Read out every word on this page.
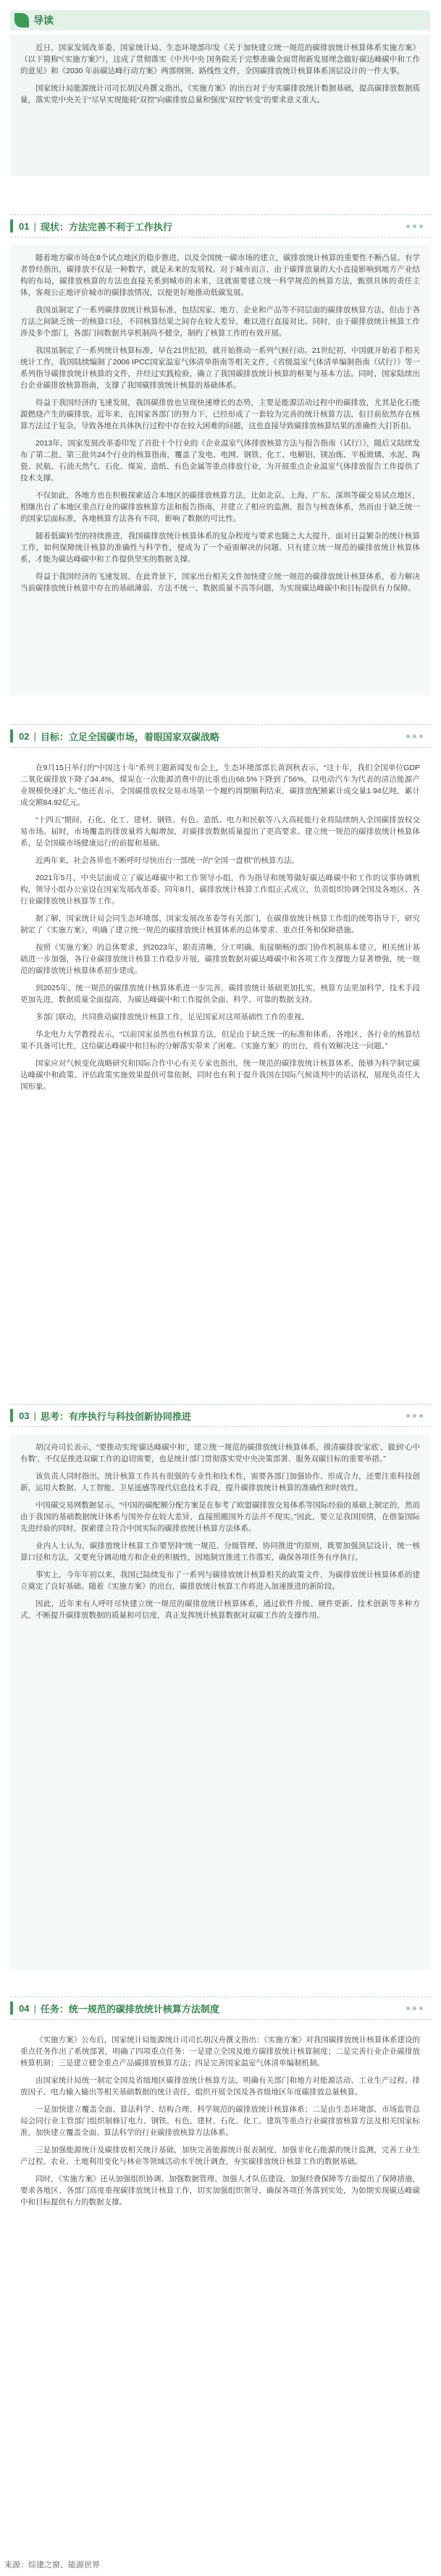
导读

近日，国家发展改革委、国家统计局、生态环境部印发《关于加快建立统一规范的碳排放统计核算体系实施方案》（以下简称“《实施方案》”），这成了贯彻落实《中共中央 国务院关于完整准确全面贯彻新发展理念做好碳达峰碳中和工作的意见》和《2030 年前碳达峰行动方案》两部纲领、路线性文件，全国碳排放统计核算体系顶层设计的一件大事。

国家统计局能源统计司司长胡汉舟撰文指出，《实施方案》的出台对于夯实碳排放统计数据基础，提高碳排放数据质量，落实党中央关于“尽早实现能耗“双控”向碳排放总量和强度“双控”转变”的要求意义重大。

01 | 现状：方法完善不利于工作执行

随着地方碳市场在8个试点地区的稳步推进，以及全国统一碳市场的建立，碳排放统计核算的重要性不断凸显。有学者曾经指出，碳排放不仅是一种数字，就是未来的发展权。对于城市而言，由于碳排放量的大小直接影响到地方产业结构的布局，碳排放核算的方法也直接关系到城市的未来，这就需要建立统一科学规范的核算方法，甄别具体的责任主体，客观公正地评价城市的碳排放情况，以便更好地推动低碳发展。

我国虽制定了一系列碳排放统计核算标准，包括国家、地方、企业和产品等不同层面的碳排放核算方法，但由于各方法之间缺乏统一的核算口径，不同核算结果之间存在较大差异，难以进行直接对比。同时，由于碳排放统计核算工作涉及多个部门，各部门间数据共享机制尚不健全，制约了核算工作的有效开展。

我国虽制定了一系列统计核算标准，早在21世纪初，就开始推动一系列气候行动。21世纪初，中国就开始着手相关统计工作，我国陆续编制了2006 IPCC国家温室气体清单指南等相关文件，《省级温室气体清单编制指南（试行）》等一系列指导碳排放统计核算的文件，并经过实践检验，确立了我国碳排放统计核算的框架与基本方法。同时，国家陆续出台企业碳排放核算指南，支撑了我国碳排放统计核算的基础体系。

得益于我国经济的飞速发展，我国碳排放也呈现快速增长的态势，主要是能源活动过程中的碳排放，尤其是化石能源燃烧产生的碳排放。近年来，在国家各部门的努力下，已经形成了一套较为完善的统计核算方法，但目前依然存在核算方法过于复杂，导致各地在具体执行过程中存在较大困难的问题，这也直接导致碳排放核算结果的准确性大打折扣。

2013年，国家发展改革委印发了首批十个行业的《企业温室气体排放核算方法与报告指南（试行）》，随后又陆续发布了第二批、第三批共24个行业的核算指南，覆盖了发电、电网、钢铁、化工、电解铝、镁冶炼、平板玻璃、水泥、陶瓷、民航、石油天然气、石化、煤炭、造纸、有色金属等重点排放行业，为开展重点企业温室气体排放报告工作提供了技术支撑。

不仅如此，各地方也在积极探索适合本地区的碳排放核算方法，比如北京、上海、广东、深圳等碳交易试点地区，相继出台了本地区重点行业的碳排放核算方法和报告指南，并建立了相应的监测、报告与核查体系，然而由于缺乏统一的国家层面标准，各地核算方法各有不同，影响了数据的可比性。

随着低碳转型的持续推进，我国碳排放统计核算体系的复杂程度与要求也随之大大提升，面对日益繁杂的统计核算工作，如何保障统计核算的准确性与科学性，便成为了一个亟需解决的问题。只有建立统一规范的碳排放统计核算体系，才能为碳达峰碳中和工作提供坚实的数据支撑。

得益于我国经济的飞速发展，在此背景下，国家出台相关文件加快建立统一规范的碳排放统计核算体系，着力解决当前碳排放统计核算中存在的基础薄弱、方法不统一、数据质量不高等问题，为实现碳达峰碳中和目标提供有力保障。

02 | 目标：立足全国碳市场，着眼国家双碳战略

在9月15日举行的“中国这十年”系列主题新闻发布会上，生态环境部部长黄润秋表示，“这十年，我们全国单位GDP二氧化碳排放下降了34.4%，煤炭在一次能源消费中的比重也由68.5%下降到了56%，以电动汽车为代表的清洁能源产业规模快速扩大。”他还表示，全国碳排放权交易市场第一个履约周期顺利结束，碳排放配额累计成交量1.94亿吨，累计成交额84.92亿元。

“十四五”期间，石化、化工、建材、钢铁、有色、造纸、电力和民航等八大高耗能行业将陆续纳入全国碳排放权交易市场。届时，市场覆盖的排放量将大幅增加，对碳排放数据质量提出了更高要求。建立统一规范的碳排放统计核算体系，是全国碳市场健康运行的前提和基础。

近两年来，社会各界也不断呼吁尽快出台一部统一的“全国一盘棋”的核算方法。

2021年5月，中央层面成立了碳达峰碳中和工作领导小组，作为指导和统筹做好碳达峰碳中和工作的议事协调机构，领导小组办公室设在国家发展改革委。同年8月，碳排放统计核算工作组正式成立，负责组织协调全国及各地区、各行业碳排放统计核算等工作。

据了解，国家统计局会同生态环境部、国家发展改革委等有关部门，在碳排放统计核算工作组的统筹指导下，研究制定了《实施方案》，明确了建立统一规范的碳排放统计核算体系的总体要求、重点任务和保障措施。

按照《实施方案》的总体要求，到2023年，职责清晰、分工明确、衔接顺畅的部门协作机制基本建立，相关统计基础进一步加强，各行业碳排放统计核算工作稳步开展，碳排放数据对碳达峰碳中和各项工作支撑能力显著增强，统一规范的碳排放统计核算体系初步建成。

到2025年，统一规范的碳排放统计核算体系进一步完善，碳排放统计基础更加扎实，核算方法更加科学，技术手段更加先进，数据质量全面提高，为碳达峰碳中和工作提供全面、科学、可靠的数据支持。

多部门联动，共同推动碳排放统计核算工作，足见国家对这项基础性工作的重视。

华北电力大学教授表示，“以前国家虽然也有核算方法，但是由于缺乏统一的标准和体系，各地区、各行业的核算结果不具备可比性，这给碳达峰碳中和目标的分解落实带来了困难。《实施方案》的出台，将有效解决这一问题。”

国家应对气候变化战略研究和国际合作中心有关专家也指出，统一规范的碳排放统计核算体系，能够为科学制定碳达峰碳中和政策、评估政策实施效果提供可靠依据，同时也有利于提升我国在国际气候谈判中的话语权，展现负责任大国形象。

03 | 思考：有序执行与科技创新协同推进

胡汉舟司长表示，“要推动实现‘碳达峰碳中和’，建立统一规范的碳排放统计核算体系，摸清碳排放‘家底’，做到‘心中有数’，不仅是推进双碳工作的迫切需要，也是统计部门贯彻落实党中央决策部署、服务双碳目标的重要举措。”

该负责人同时指出，统计核算工作具有很强的专业性和技术性，需要各部门加强协作、形成合力，还要注重科技创新，运用大数据、人工智能、卫星遥感等现代信息技术手段，提升碳排放统计核算的准确性和时效性。

中国碳交易网数据显示，“中国的碳配额分配方案是在参考了欧盟碳排放交易体系等国际经验的基础上制定的，然而由于我国的基础数据统计体系与国外存在较大差异，直接照搬国外方法并不现实。”因此，要立足我国国情，在借鉴国际先进经验的同时，探索建立符合中国实际的碳排放统计核算方法体系。

业内人士认为，碳排放统计核算工作要坚持“统一规范、分级管理、协同推进”的原则，既要加强顶层设计，统一核算口径和方法，又要充分调动地方和企业的积极性，因地制宜推进工作落实，确保各项任务有序执行。

事实上，今年年初以来，我国已陆续发布了一系列与碳排放统计核算相关的政策文件，为碳排放统计核算体系的建立奠定了良好基础。随着《实施方案》的出台，碳排放统计核算工作将进入加速推进的新阶段。

因此，近年来有人呼吁尽快建立统一规范的碳排放统计核算体系，通过软件升级、硬件更新、技术创新等多种方式，不断提升碳排放数据的质量和可信度，真正发挥统计核算数据对双碳工作的支撑作用。

04 | 任务：统一规范的碳排放统计核算方法制度

《实施方案》公布后，国家统计局能源统计司司长胡汉舟撰文指出：《实施方案》对我国碳排放统计核算体系建设的重点任务作出了系统部署，明确了四项重点任务：一是建立全国及地方碳排放统计核算制度；二是完善行业企业碳排放核算机制；三是建立健全重点产品碳排放核算方法；四是完善国家温室气体清单编制机制。

由国家统计局统一制定全国及省级地区碳排放统计核算方法，明确有关部门和地方对能源活动、工业生产过程、排放因子、电力输入输出等相关基础数据的统计责任，组织开展全国及各省级地区年度碳排放总量核算。

一是加快建立覆盖全面、算法科学、结构合理、科学规范的碳排放统计核算体系；二是由生态环境部、市场监管总局会同行业主管部门组织制修订电力、钢铁、有色、建材、石化、化工、建筑等重点行业碳排放核算方法及相关国家标准，加快建立覆盖全面、算法科学的行业碳排放核算方法体系。

三是加强能源统计及碳排放相关统计基础，加快完善能源统计报表制度，加强非化石能源的统计监测，完善工业生产过程、农业、土地利用变化与林业等领域活动水平统计调查，夯实碳排放统计核算工作的数据基础。

同时，《实施方案》还从加强组织协调、加强数据管理、加强人才队伍建设、加强经费保障等方面提出了保障措施，要求各地区、各部门高度重视碳排放统计核算工作，切实加强组织领导，确保各项任务落到实处，为如期实现碳达峰碳中和目标提供有力的数据支撑。

来源：综建之窗、能源世界
